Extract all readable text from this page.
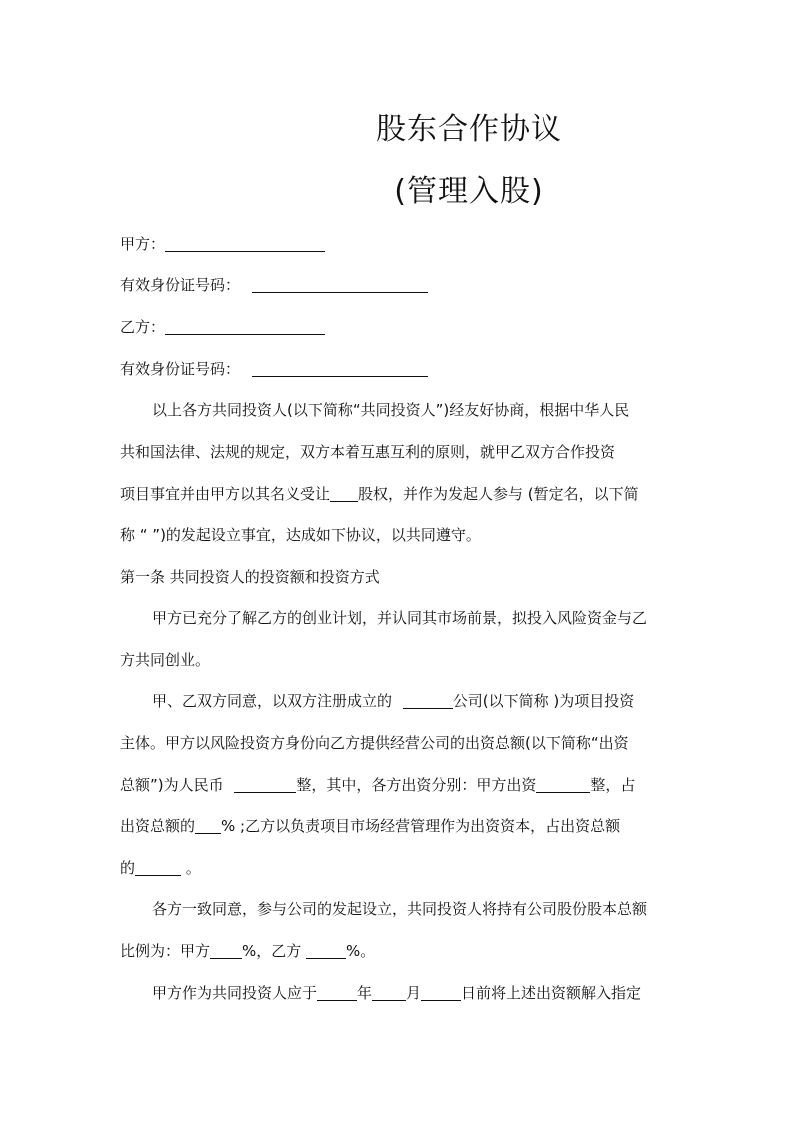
股东合作协议
(管理入股)
甲方：
有效身份证号码：
乙方：
有效身份证号码：
以上各方共同投资人(以下简称“共同投资人”)经友好协商，根据中华人民
共和国法律、法规的规定，双方本着互惠互利的原则，就甲乙双方合作投资
项目事宜并由甲方以其名义受让 股权，并作为发起人参与 (暂定名，以下简
称 “ ”)的发起设立事宜，达成如下协议，以共同遵守。
第一条 共同投资人的投资额和投资方式
甲方已充分了解乙方的创业计划，并认同其市场前景，拟投入风险资金与乙
方共同创业。
甲、乙双方同意，以双方注册成立的	公司(以下简称 )为项目投资
主体。甲方以风险投资方身份向乙方提供经营公司的出资总额(以下简称“出资
总额”)为人民币	整，其中，各方出资分别：甲方出资	整，占
出资总额的 % ;乙方以负责项目市场经营管理作为出资资本，占出资总额
的	。
各方一致同意，参与公司的发起设立，共同投资人将持有公司股份股本总额
比例为：甲方 %，乙方	%。
甲方作为共同投资人应于	年 月	日前将上述出资额解入指定
